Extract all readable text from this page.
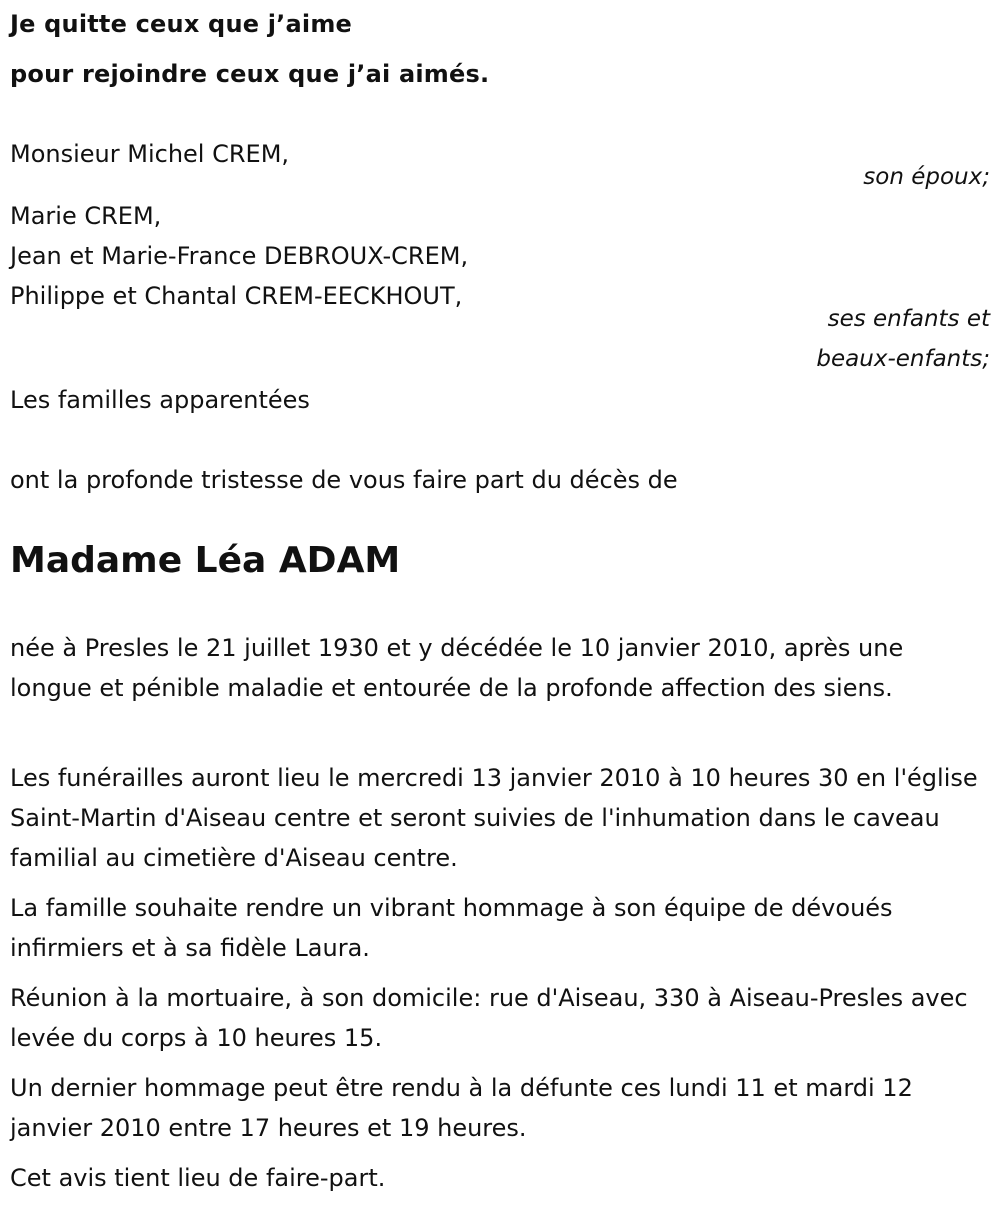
Je quitte ceux que j’aime
pour rejoindre ceux que j’ai aimés.
Monsieur Michel CREM,
son époux;
Marie CREM,
Jean et Marie-France DEBROUX-CREM,
Philippe et Chantal CREM-EECKHOUT,
ses enfants et
beaux-enfants;
Les familles apparentées
ont la profonde tristesse de vous faire part du décès de
Madame Léa ADAM
née à Presles le 21 juillet 1930 et y décédée le 10 janvier 2010, après une longue et pénible maladie et entourée de la profonde affection des siens.
Les funérailles auront lieu le mercredi 13 janvier 2010 à 10 heures 30 en l'église Saint-Martin d'Aiseau centre et seront suivies de l'inhumation dans le caveau familial au cimetière d'Aiseau centre.
La famille souhaite rendre un vibrant hommage à son équipe de dévoués infirmiers et à sa fidèle Laura.
Réunion à la mortuaire, à son domicile: rue d'Aiseau, 330 à Aiseau-Presles avec levée du corps à 10 heures 15.
Un dernier hommage peut être rendu à la défunte ces lundi 11 et mardi 12 janvier 2010 entre 17 heures et 19 heures.
Cet avis tient lieu de faire-part.
